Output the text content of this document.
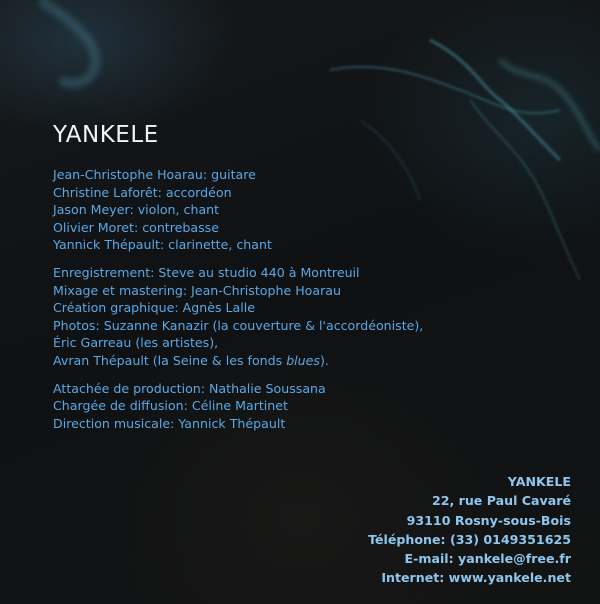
YANKELE
Jean-Christophe Hoarau: guitare
Christine Laforêt: accordéon
Jason Meyer: violon, chant
Olivier Moret: contrebasse
Yannick Thépault: clarinette, chant
Enregistrement: Steve au studio 440 à Montreuil
Mixage et mastering: Jean-Christophe Hoarau
Création graphique: Agnès Lalle
Photos: Suzanne Kanazir (la couverture & l'accordéoniste),
Éric Garreau (les artistes),
Avran Thépault (la Seine & les fonds blues).
Attachée de production: Nathalie Soussana
Chargée de diffusion: Céline Martinet
Direction musicale: Yannick Thépault
YANKELE
22, rue Paul Cavaré
93110 Rosny-sous-Bois
Téléphone: (33) 0149351625
E-mail: yankele@free.fr
Internet: www.yankele.net
